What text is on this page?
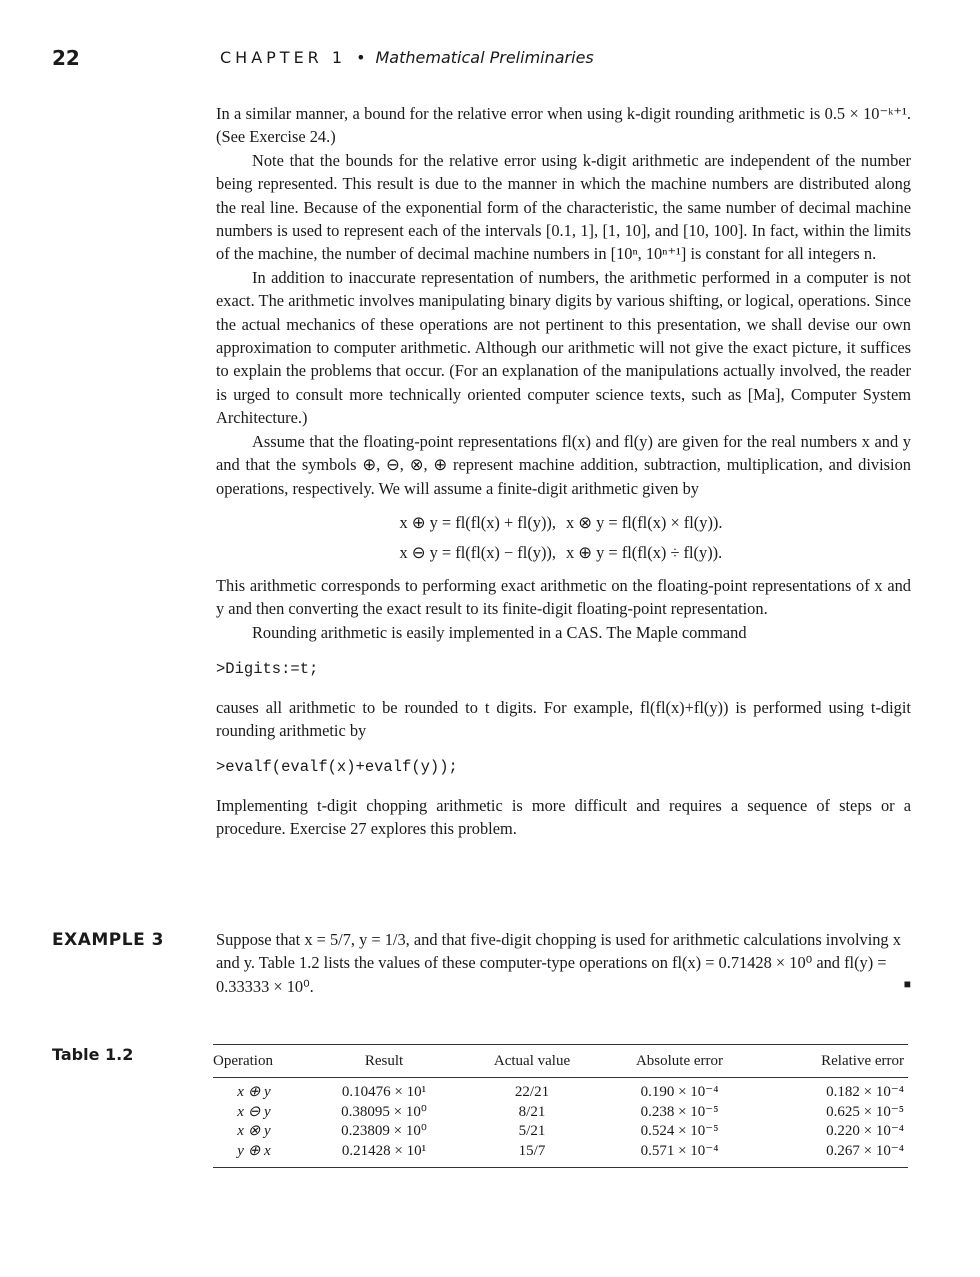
22	CHAPTER 1 • Mathematical Preliminaries

In a similar manner, a bound for the relative error when using k-digit rounding arithmetic is 0.5 × 10⁻ᵏ⁺¹. (See Exercise 24.)

Note that the bounds for the relative error using k-digit arithmetic are independent of the number being represented. This result is due to the manner in which the machine numbers are distributed along the real line. Because of the exponential form of the characteristic, the same number of decimal machine numbers is used to represent each of the intervals [0.1, 1], [1, 10], and [10, 100]. In fact, within the limits of the machine, the number of decimal machine numbers in [10ⁿ, 10ⁿ⁺¹] is constant for all integers n.

In addition to inaccurate representation of numbers, the arithmetic performed in a computer is not exact. The arithmetic involves manipulating binary digits by various shifting, or logical, operations. Since the actual mechanics of these operations are not pertinent to this presentation, we shall devise our own approximation to computer arithmetic. Although our arithmetic will not give the exact picture, it suffices to explain the problems that occur. (For an explanation of the manipulations actually involved, the reader is urged to consult more technically oriented computer science texts, such as [Ma], Computer System Architecture.)

Assume that the floating-point representations fl(x) and fl(y) are given for the real numbers x and y and that the symbols ⊕, ⊖, ⊗, ⊕ represent machine addition, subtraction, multiplication, and division operations, respectively. We will assume a finite-digit arithmetic given by

x ⊕ y = fl(fl(x) + fl(y)), x ⊗ y = fl(fl(x) × fl(y)).
x ⊖ y = fl(fl(x) − fl(y)), x ⊕ y = fl(fl(x) ÷ fl(y)).

This arithmetic corresponds to performing exact arithmetic on the floating-point representations of x and y and then converting the exact result to its finite-digit floating-point representation.

Rounding arithmetic is easily implemented in a CAS. The Maple command

>Digits:=t;

causes all arithmetic to be rounded to t digits. For example, fl(fl(x)+fl(y)) is performed using t-digit rounding arithmetic by

>evalf(evalf(x)+evalf(y));

Implementing t-digit chopping arithmetic is more difficult and requires a sequence of steps or a procedure. Exercise 27 explores this problem.

EXAMPLE 3	Suppose that x = 5/7, y = 1/3, and that five-digit chopping is used for arithmetic calculations involving x and y. Table 1.2 lists the values of these computer-type operations on fl(x) = 0.71428 × 10⁰ and fl(y) = 0.33333 × 10⁰.	■
Table 1.2	Operation	Result	Actual value	Absolute error	Relative error
x ⊕ y	0.10476 × 10¹	22/21	0.190 × 10⁻⁴	0.182 × 10⁻⁴
x ⊖ y	0.38095 × 10⁰	8/21	0.238 × 10⁻⁵	0.625 × 10⁻⁵
x ⊗ y	0.23809 × 10⁰	5/21	0.524 × 10⁻⁵	0.220 × 10⁻⁴
y ⊕ x	0.21428 × 10¹	15/7	0.571 × 10⁻⁴	0.267 × 10⁻⁴
